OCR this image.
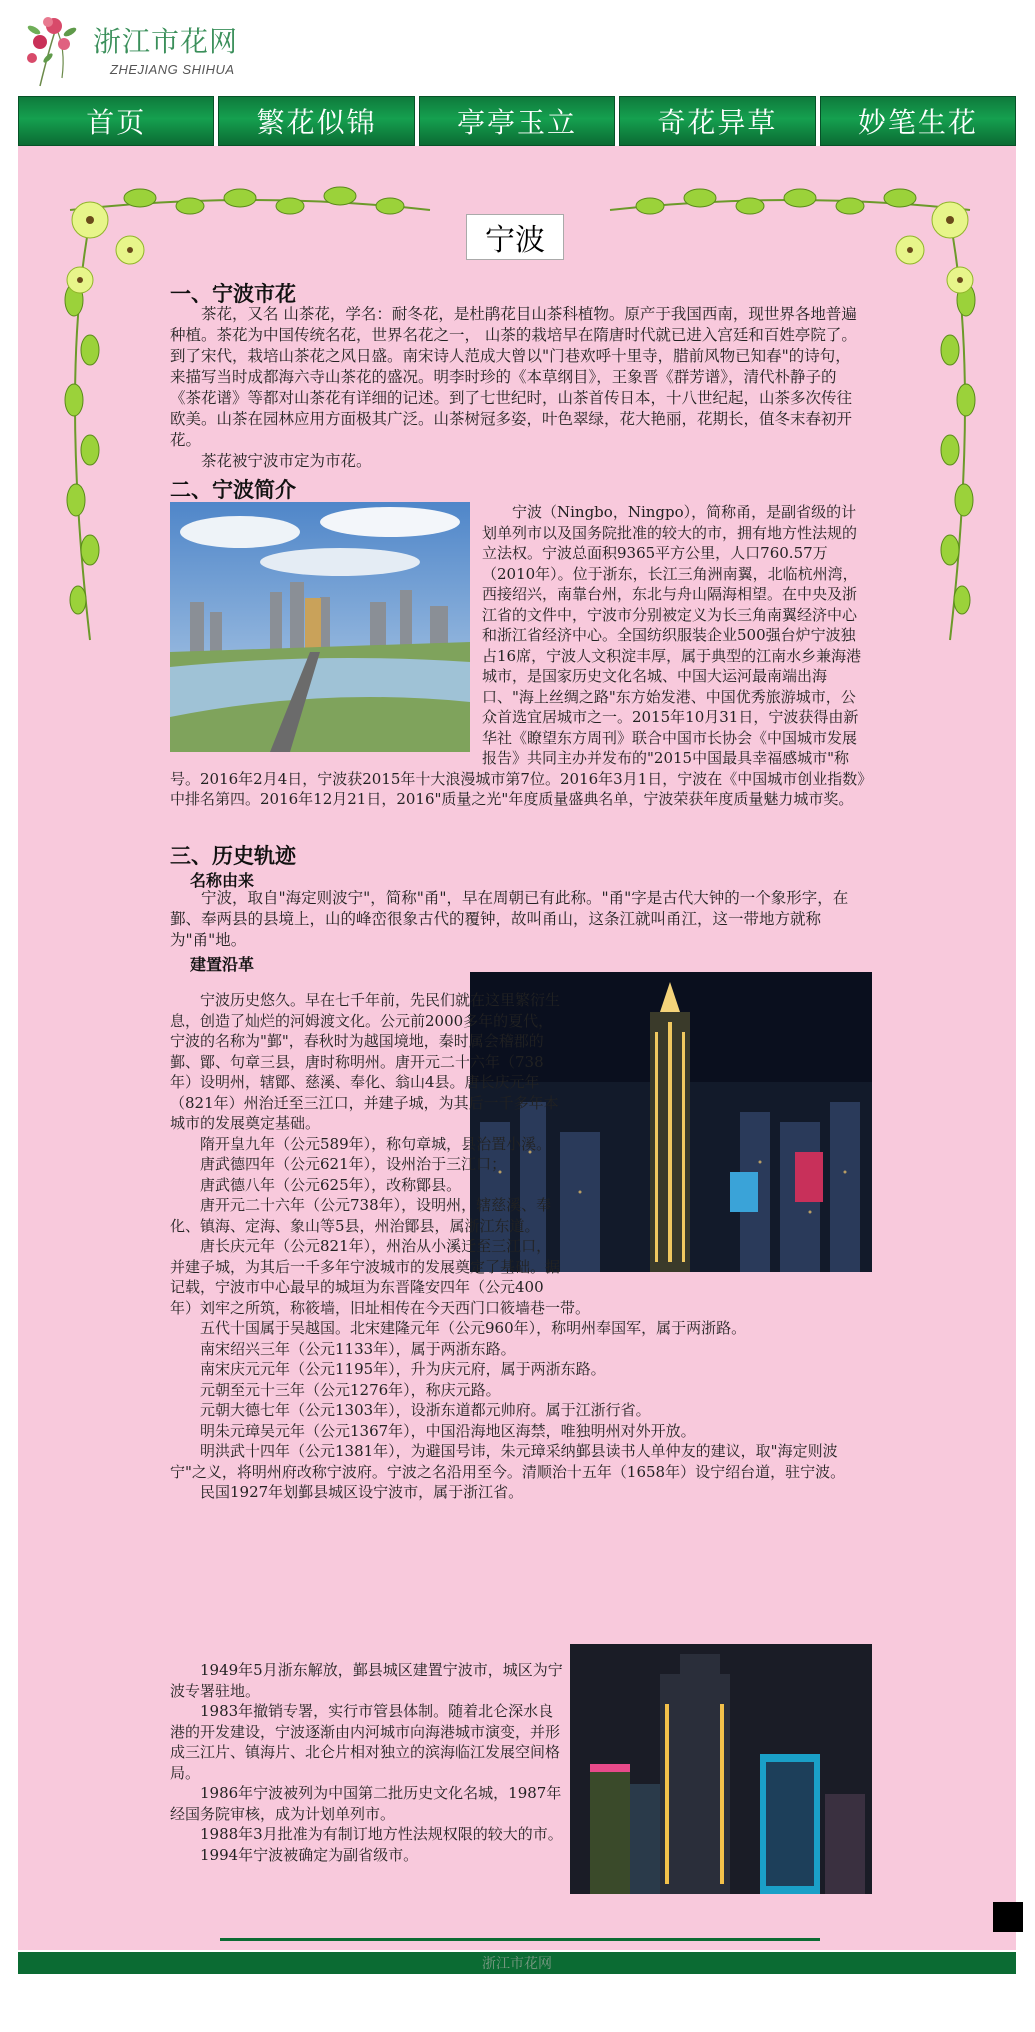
浙江市花网
ZHEJIANG SHIHUA
首页	繁花似锦	亭亭玉立	奇花异草	妙笔生花
宁波
一、宁波市花

茶花，又名 山茶花，学名：耐冬花，是杜鹃花目山茶科植物。原产于我国西南，现世界各地普遍种植。茶花为中国传统名花，世界名花之一， 山茶的栽培早在隋唐时代就已进入宫廷和百姓亭院了。到了宋代，栽培山茶花之风日盛。南宋诗人范成大曾以"门巷欢呼十里寺，腊前风物已知春"的诗句，来描写当时成都海六寺山茶花的盛况。明李时珍的《本草纲目》，王象晋《群芳谱》，清代朴静子的《茶花谱》等都对山茶花有详细的记述。到了七世纪时，山茶首传日本，十八世纪起，山茶多次传往欧美。山茶在园林应用方面极其广泛。山茶树冠多姿，叶色翠绿，花大艳丽，花期长，值冬末春初开花。

茶花被宁波市定为市花。

二、宁波简介

宁波（Ningbo，Ningpo），简称甬，是副省级的计划单列市以及国务院批准的较大的市，拥有地方性法规的立法权。宁波总面积9365平方公里，人口760.57万（2010年）。位于浙东，长江三角洲南翼，北临杭州湾，西接绍兴，南靠台州，东北与舟山隔海相望。在中央及浙江省的文件中，宁波市分别被定义为长三角南翼经济中心和浙江省经济中心。全国纺织服装企业500强台炉宁波独占16席，宁波人文积淀丰厚，属于典型的江南水乡兼海港城市，是国家历史文化名城、中国大运河最南端出海口、"海上丝绸之路"东方始发港、中国优秀旅游城市，公众首选宜居城市之一。2015年10月31日，宁波获得由新华社《瞭望东方周刊》联合中国市长协会《中国城市发展报告》共同主办并发布的"2015中国最具幸福感城市"称号。2016年2月4日，宁波获2015年十大浪漫城市第7位。2016年3月1日，宁波在《中国城市创业指数》中排名第四。2016年12月21日，2016"质量之光"年度质量盛典名单，宁波荣获年度质量魅力城市奖。

三、历史轨迹
名称由来

宁波，取自"海定则波宁"，简称"甬"，早在周朝已有此称。"甬"字是古代大钟的一个象形字，在鄞、奉两县的县境上，山的峰峦很象古代的覆钟，故叫甬山，这条江就叫甬江，这一带地方就称为"甬"地。

建置沿革

宁波历史悠久。早在七千年前，先民们就在这里繁衍生息，创造了灿烂的河姆渡文化。公元前2000多年的夏代，宁波的名称为"鄞"，春秋时为越国境地，秦时属会稽郡的鄞、鄮、句章三县，唐时称明州。唐开元二十六年（738年）设明州，辖鄮、慈溪、奉化、翁山4县。唐长庆元年（821年）州治迁至三江口，并建子城，为其后一千多年本城市的发展奠定基础。

隋开皇九年（公元589年），称句章城，县治置小溪。

唐武德四年（公元621年），设州治于三江口；

唐武德八年（公元625年），改称鄮县。

唐开元二十六年（公元738年），设明州，辖慈溪、奉化、镇海、定海、象山等5县，州治鄮县，属浙江东道。

唐长庆元年（公元821年），州治从小溪迁至三江口，并建子城，为其后一千多年宁波城市的发展奠定了基础。据记载，宁波市中心最早的城垣为东晋隆安四年（公元400年）刘牢之所筑，称筱墙，旧址相传在今天西门口筱墙巷一带。

五代十国属于吴越国。北宋建隆元年（公元960年），称明州奉国军，属于两浙路。

南宋绍兴三年（公元1133年），属于两浙东路。

南宋庆元元年（公元1195年），升为庆元府，属于两浙东路。

元朝至元十三年（公元1276年），称庆元路。

元朝大德七年（公元1303年），设浙东道都元帅府。属于江浙行省。

明朱元璋吴元年（公元1367年），中国沿海地区海禁，唯独明州对外开放。

明洪武十四年（公元1381年），为避国号讳，朱元璋采纳鄞县读书人单仲友的建议，取"海定则波宁"之义，将明州府改称宁波府。宁波之名沿用至今。清顺治十五年（1658年）设宁绍台道，驻宁波。

民国1927年划鄞县城区设宁波市，属于浙江省。

1949年5月浙东解放，鄞县城区建置宁波市，城区为宁波专署驻地。

1983年撤销专署，实行市管县体制。随着北仑深水良港的开发建设，宁波逐渐由内河城市向海港城市演变，并形成三江片、镇海片、北仑片相对独立的滨海临江发展空间格局。

1986年宁波被列为中国第二批历史文化名城，1987年经国务院审核，成为计划单列市。

1988年3月批准为有制订地方性法规权限的较大的市。

1994年宁波被确定为副省级市。

浙江市花网
